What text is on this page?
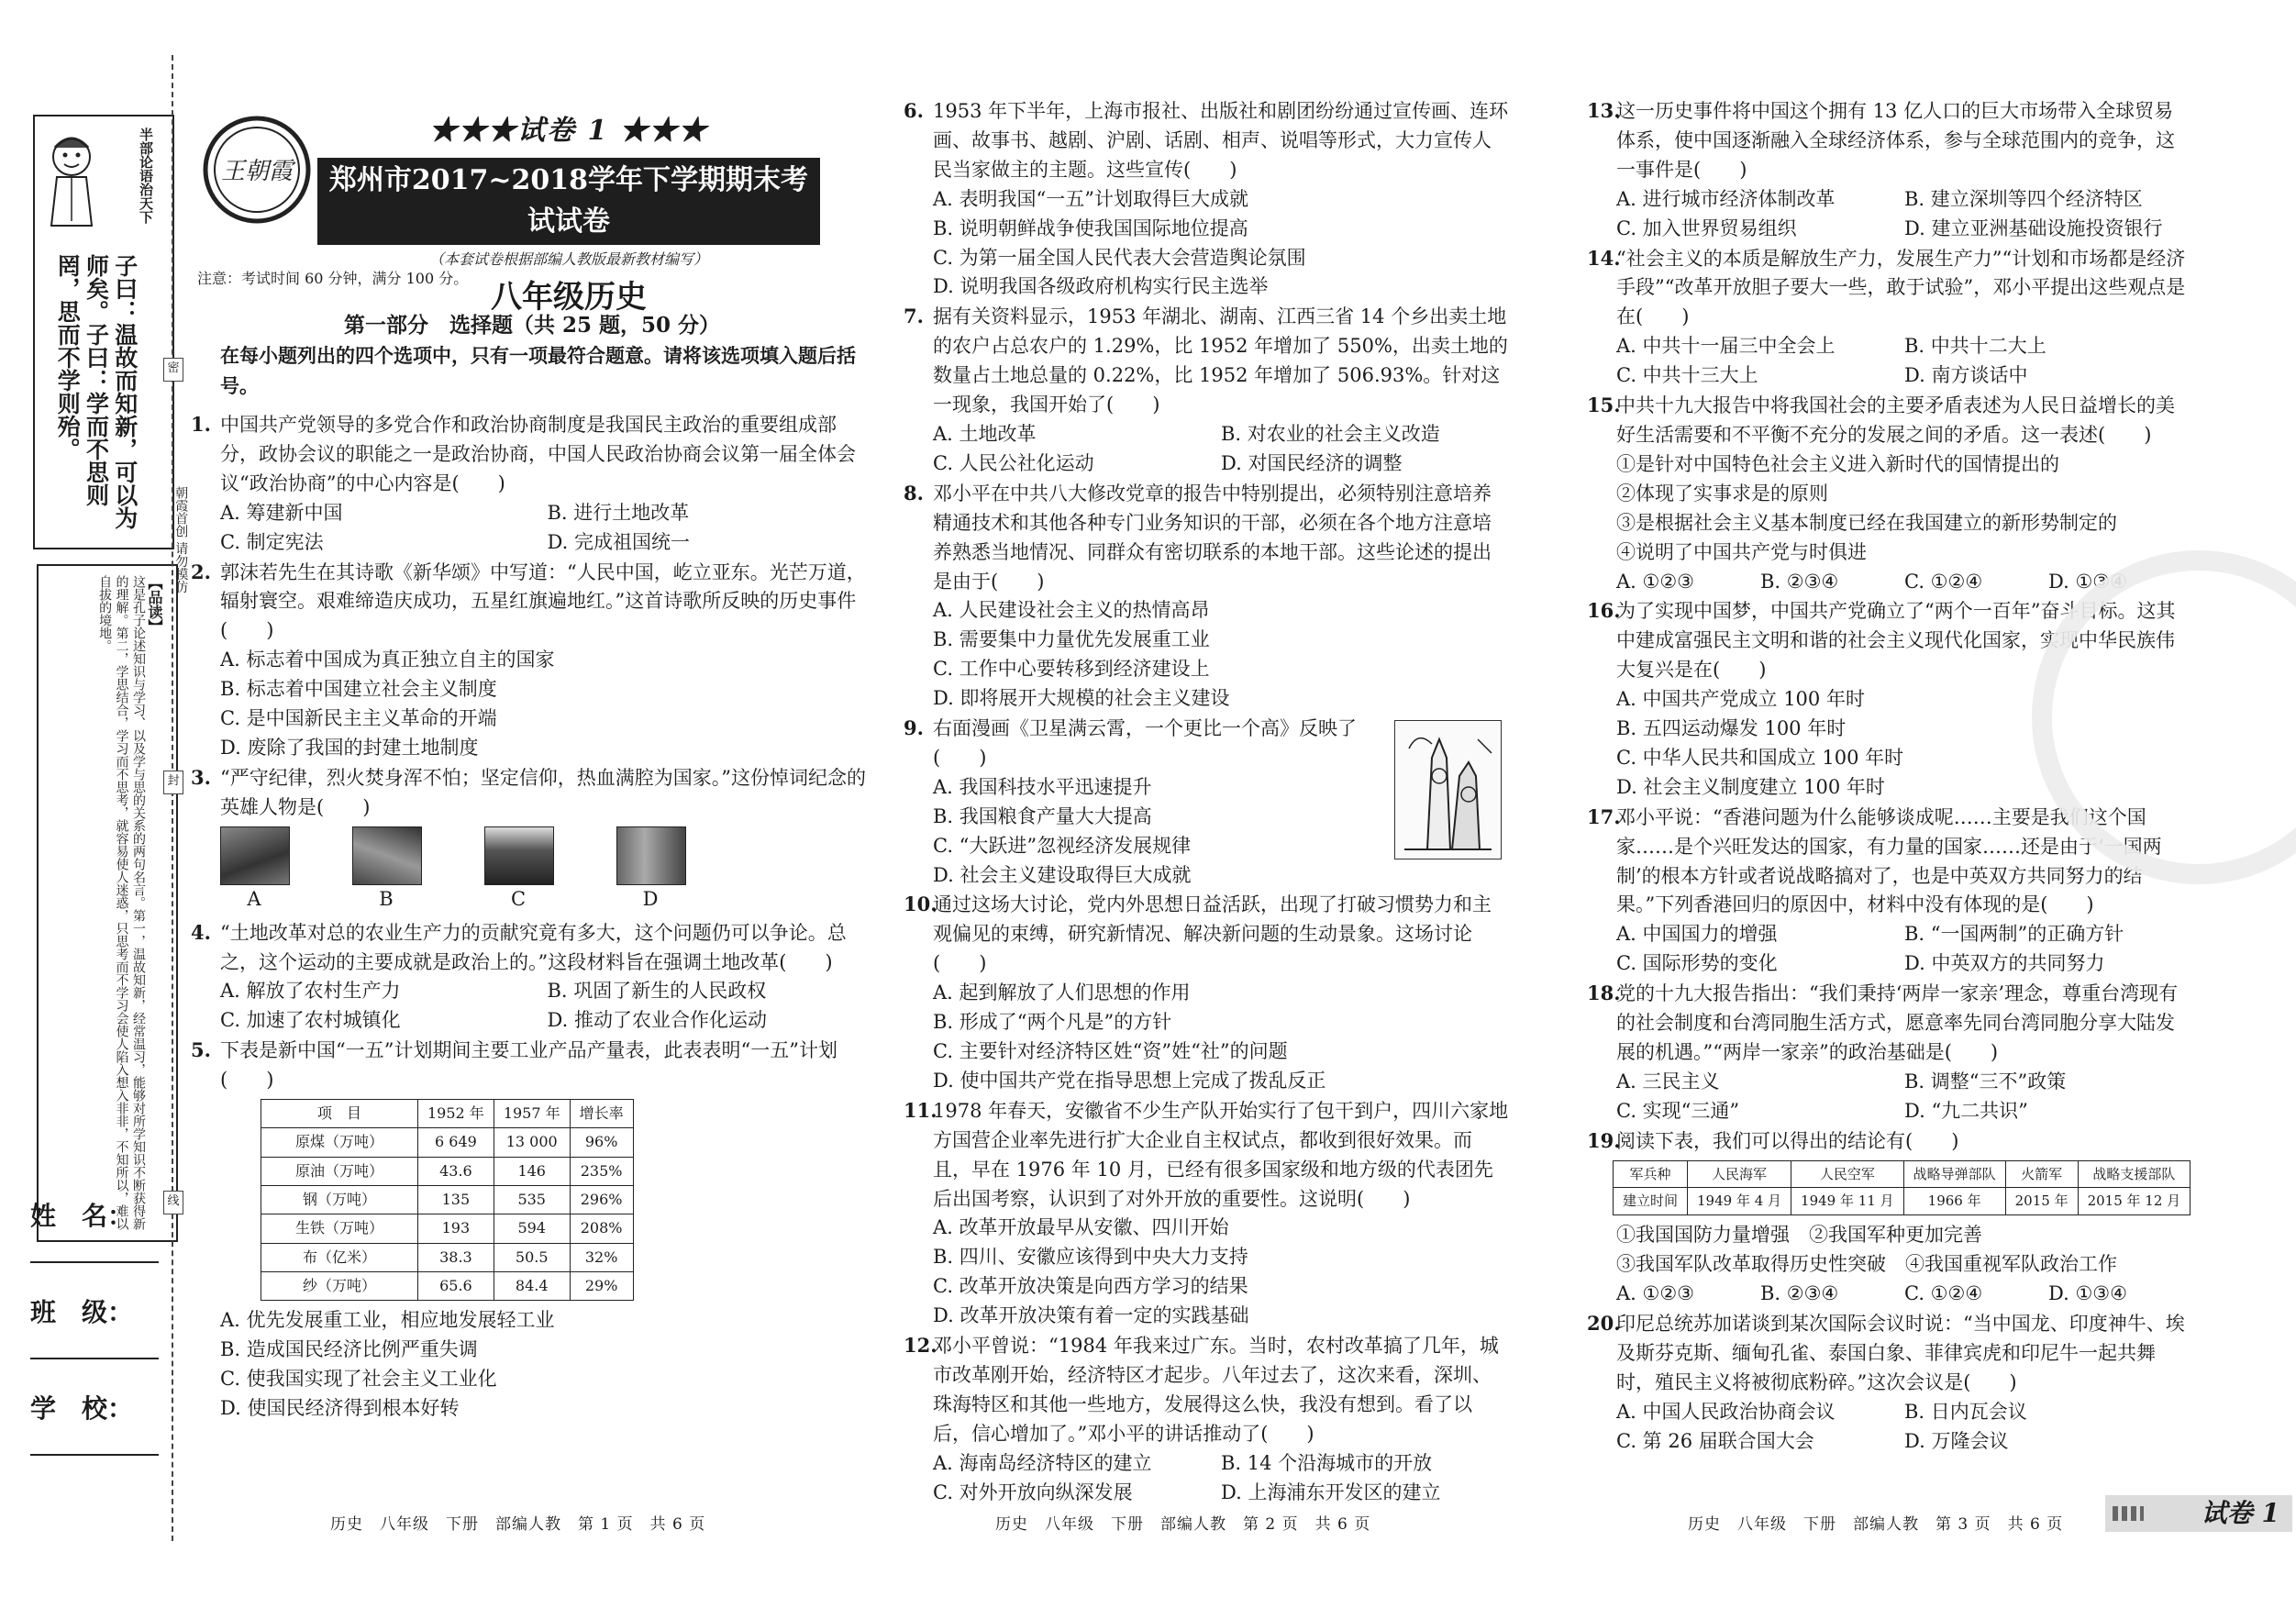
半部论语治天下
子曰：温故而知新，可以为师矣。子曰：学而不思则罔，思而不学则殆。
【品读】
这是孔子论述知识与学习、以及学与思的关系的两句名言。第一，温故知新，经常温习，能够对所学知识不断获得新的理解。第二，学思结合，学习而不思考，就容易使人迷惑，只思考而不学习会使人陷入想入非非，不知所以，难以自拔的境地。
朝霞首创 请勿模仿
密
封
线
姓　名：
班　级：
学　校：
王朝霞
★★★试卷 1 ★★★
郑州市2017~2018学年下学期期末考试试卷
（本套试卷根据部编人教版最新教材编写）
八年级历史
注意：考试时间 60 分钟，满分 100 分。
第一部分　选择题（共 25 题，50 分）
在每小题列出的四个选项中，只有一项最符合题意。请将该选项填入题后括号。
1. 中国共产党领导的多党合作和政治协商制度是我国民主政治的重要组成部分，政协会议的职能之一是政治协商，中国人民政治协商会议第一届全体会议“政治协商”的中心内容是(　　)
A. 筹建新中国	B. 进行土地改革
C. 制定宪法	D. 完成祖国统一
2. 郭沫若先生在其诗歌《新华颂》中写道：“人民中国，屹立亚东。光芒万道，辐射寰空。艰难缔造庆成功，五星红旗遍地红。”这首诗歌所反映的历史事件(　　)
A. 标志着中国成为真正独立自主的国家
B. 标志着中国建立社会主义制度
C. 是中国新民主主义革命的开端
D. 废除了我国的封建土地制度
3. “严守纪律，烈火焚身浑不怕；坚定信仰，热血满腔为国家。”这份悼词纪念的英雄人物是(　　)
A	B	C	D
4. “土地改革对总的农业生产力的贡献究竟有多大，这个问题仍可以争论。总之，这个运动的主要成就是政治上的。”这段材料旨在强调土地改革(　　)
A. 解放了农村生产力	B. 巩固了新生的人民政权
C. 加速了农村城镇化	D. 推动了农业合作化运动
5. 下表是新中国“一五”计划期间主要工业产品产量表，此表表明“一五”计划(　　)
项　目	1952 年	1957 年	增长率
原煤（万吨）	6 649	13 000	96%
原油（万吨）	43.6	146	235%
钢（万吨）	135	535	296%
生铁（万吨）	193	594	208%
布（亿米）	38.3	50.5	32%
纱（万吨）	65.6	84.4	29%
A. 优先发展重工业，相应地发展轻工业
B. 造成国民经济比例严重失调
C. 使我国实现了社会主义工业化
D. 使国民经济得到根本好转
6. 1953 年下半年，上海市报社、出版社和剧团纷纷通过宣传画、连环画、故事书、越剧、沪剧、话剧、相声、说唱等形式，大力宣传人民当家做主的主题。这些宣传(　　)
A. 表明我国“一五”计划取得巨大成就
B. 说明朝鲜战争使我国国际地位提高
C. 为第一届全国人民代表大会营造舆论氛围
D. 说明我国各级政府机构实行民主选举
7. 据有关资料显示，1953 年湖北、湖南、江西三省 14 个乡出卖土地的农户占总农户的 1.29%，比 1952 年增加了 550%，出卖土地的数量占土地总量的 0.22%，比 1952 年增加了 506.93%。针对这一现象，我国开始了(　　)
A. 土地改革	B. 对农业的社会主义改造
C. 人民公社化运动	D. 对国民经济的调整
8. 邓小平在中共八大修改党章的报告中特别提出，必须特别注意培养精通技术和其他各种专门业务知识的干部，必须在各个地方注意培养熟悉当地情况、同群众有密切联系的本地干部。这些论述的提出是由于(　　)
A. 人民建设社会主义的热情高昂
B. 需要集中力量优先发展重工业
C. 工作中心要转移到经济建设上
D. 即将展开大规模的社会主义建设
9. 右面漫画《卫星满云霄，一个更比一个高》反映了(　　)
A. 我国科技水平迅速提升
B. 我国粮食产量大大提高
C. “大跃进”忽视经济发展规律
D. 社会主义建设取得巨大成就
10.通过这场大讨论，党内外思想日益活跃，出现了打破习惯势力和主观偏见的束缚，研究新情况、解决新问题的生动景象。这场讨论(　　)
A. 起到解放了人们思想的作用
B. 形成了“两个凡是”的方针
C. 主要针对经济特区姓“资”姓“社”的问题
D. 使中国共产党在指导思想上完成了拨乱反正
11.1978 年春天，安徽省不少生产队开始实行了包干到户，四川六家地方国营企业率先进行扩大企业自主权试点，都收到很好效果。而且，早在 1976 年 10 月，已经有很多国家级和地方级的代表团先后出国考察，认识到了对外开放的重要性。这说明(　　)
A. 改革开放最早从安徽、四川开始
B. 四川、安徽应该得到中央大力支持
C. 改革开放决策是向西方学习的结果
D. 改革开放决策有着一定的实践基础
12.邓小平曾说：“1984 年我来过广东。当时，农村改革搞了几年，城市改革刚开始，经济特区才起步。八年过去了，这次来看，深圳、珠海特区和其他一些地方，发展得这么快，我没有想到。看了以后，信心增加了。”邓小平的讲话推动了(　　)
A. 海南岛经济特区的建立	B. 14 个沿海城市的开放
C. 对外开放向纵深发展	D. 上海浦东开发区的建立
13.这一历史事件将中国这个拥有 13 亿人口的巨大市场带入全球贸易体系，使中国逐渐融入全球经济体系，参与全球范围内的竞争，这一事件是(　　)
A. 进行城市经济体制改革	B. 建立深圳等四个经济特区
C. 加入世界贸易组织	D. 建立亚洲基础设施投资银行
14.“社会主义的本质是解放生产力，发展生产力”“计划和市场都是经济手段”“改革开放胆子要大一些，敢于试验”，邓小平提出这些观点是在(　　)
A. 中共十一届三中全会上	B. 中共十二大上
C. 中共十三大上	D. 南方谈话中
15.中共十九大报告中将我国社会的主要矛盾表述为人民日益增长的美好生活需要和不平衡不充分的发展之间的矛盾。这一表述(　　)
①是针对中国特色社会主义进入新时代的国情提出的
②体现了实事求是的原则
③是根据社会主义基本制度已经在我国建立的新形势制定的
④说明了中国共产党与时俱进
A. ①②③	B. ②③④	C. ①②④	D. ①③④
16.为了实现中国梦，中国共产党确立了“两个一百年”奋斗目标。这其中建成富强民主文明和谐的社会主义现代化国家，实现中华民族伟大复兴是在(　　)
A. 中国共产党成立 100 年时
B. 五四运动爆发 100 年时
C. 中华人民共和国成立 100 年时
D. 社会主义制度建立 100 年时
17.邓小平说：“香港问题为什么能够谈成呢……主要是我们这个国家……是个兴旺发达的国家，有力量的国家……还是由于‘一国两制’的根本方针或者说战略搞对了，也是中英双方共同努力的结果。”下列香港回归的原因中，材料中没有体现的是(　　)
A. 中国国力的增强	B. “一国两制”的正确方针
C. 国际形势的变化	D. 中英双方的共同努力
18.党的十九大报告指出：“我们秉持‘两岸一家亲’理念，尊重台湾现有的社会制度和台湾同胞生活方式，愿意率先同台湾同胞分享大陆发展的机遇。”“两岸一家亲”的政治基础是(　　)
A. 三民主义	B. 调整“三不”政策
C. 实现“三通”	D. “九二共识”
19.阅读下表，我们可以得出的结论有(　　)
军兵种	人民海军	人民空军	战略导弹部队	火箭军	战略支援部队
建立时间	1949 年 4 月	1949 年 11 月	1966 年	2015 年	2015 年 12 月
①我国国防力量增强　②我国军种更加完善
③我国军队改革取得历史性突破　④我国重视军队政治工作
A. ①②③	B. ②③④	C. ①②④	D. ①③④
20.印尼总统苏加诺谈到某次国际会议时说：“当中国龙、印度神牛、埃及斯芬克斯、缅甸孔雀、泰国白象、菲律宾虎和印尼牛一起共舞时，殖民主义将被彻底粉碎。”这次会议是(　　)
A. 中国人民政治协商会议	B. 日内瓦会议
C. 第 26 届联合国大会	D. 万隆会议
历史　八年级　下册　部编人教　第 1 页　共 6 页	历史　八年级　下册　部编人教　第 2 页　共 6 页	历史　八年级　下册　部编人教　第 3 页　共 6 页	试卷 1
